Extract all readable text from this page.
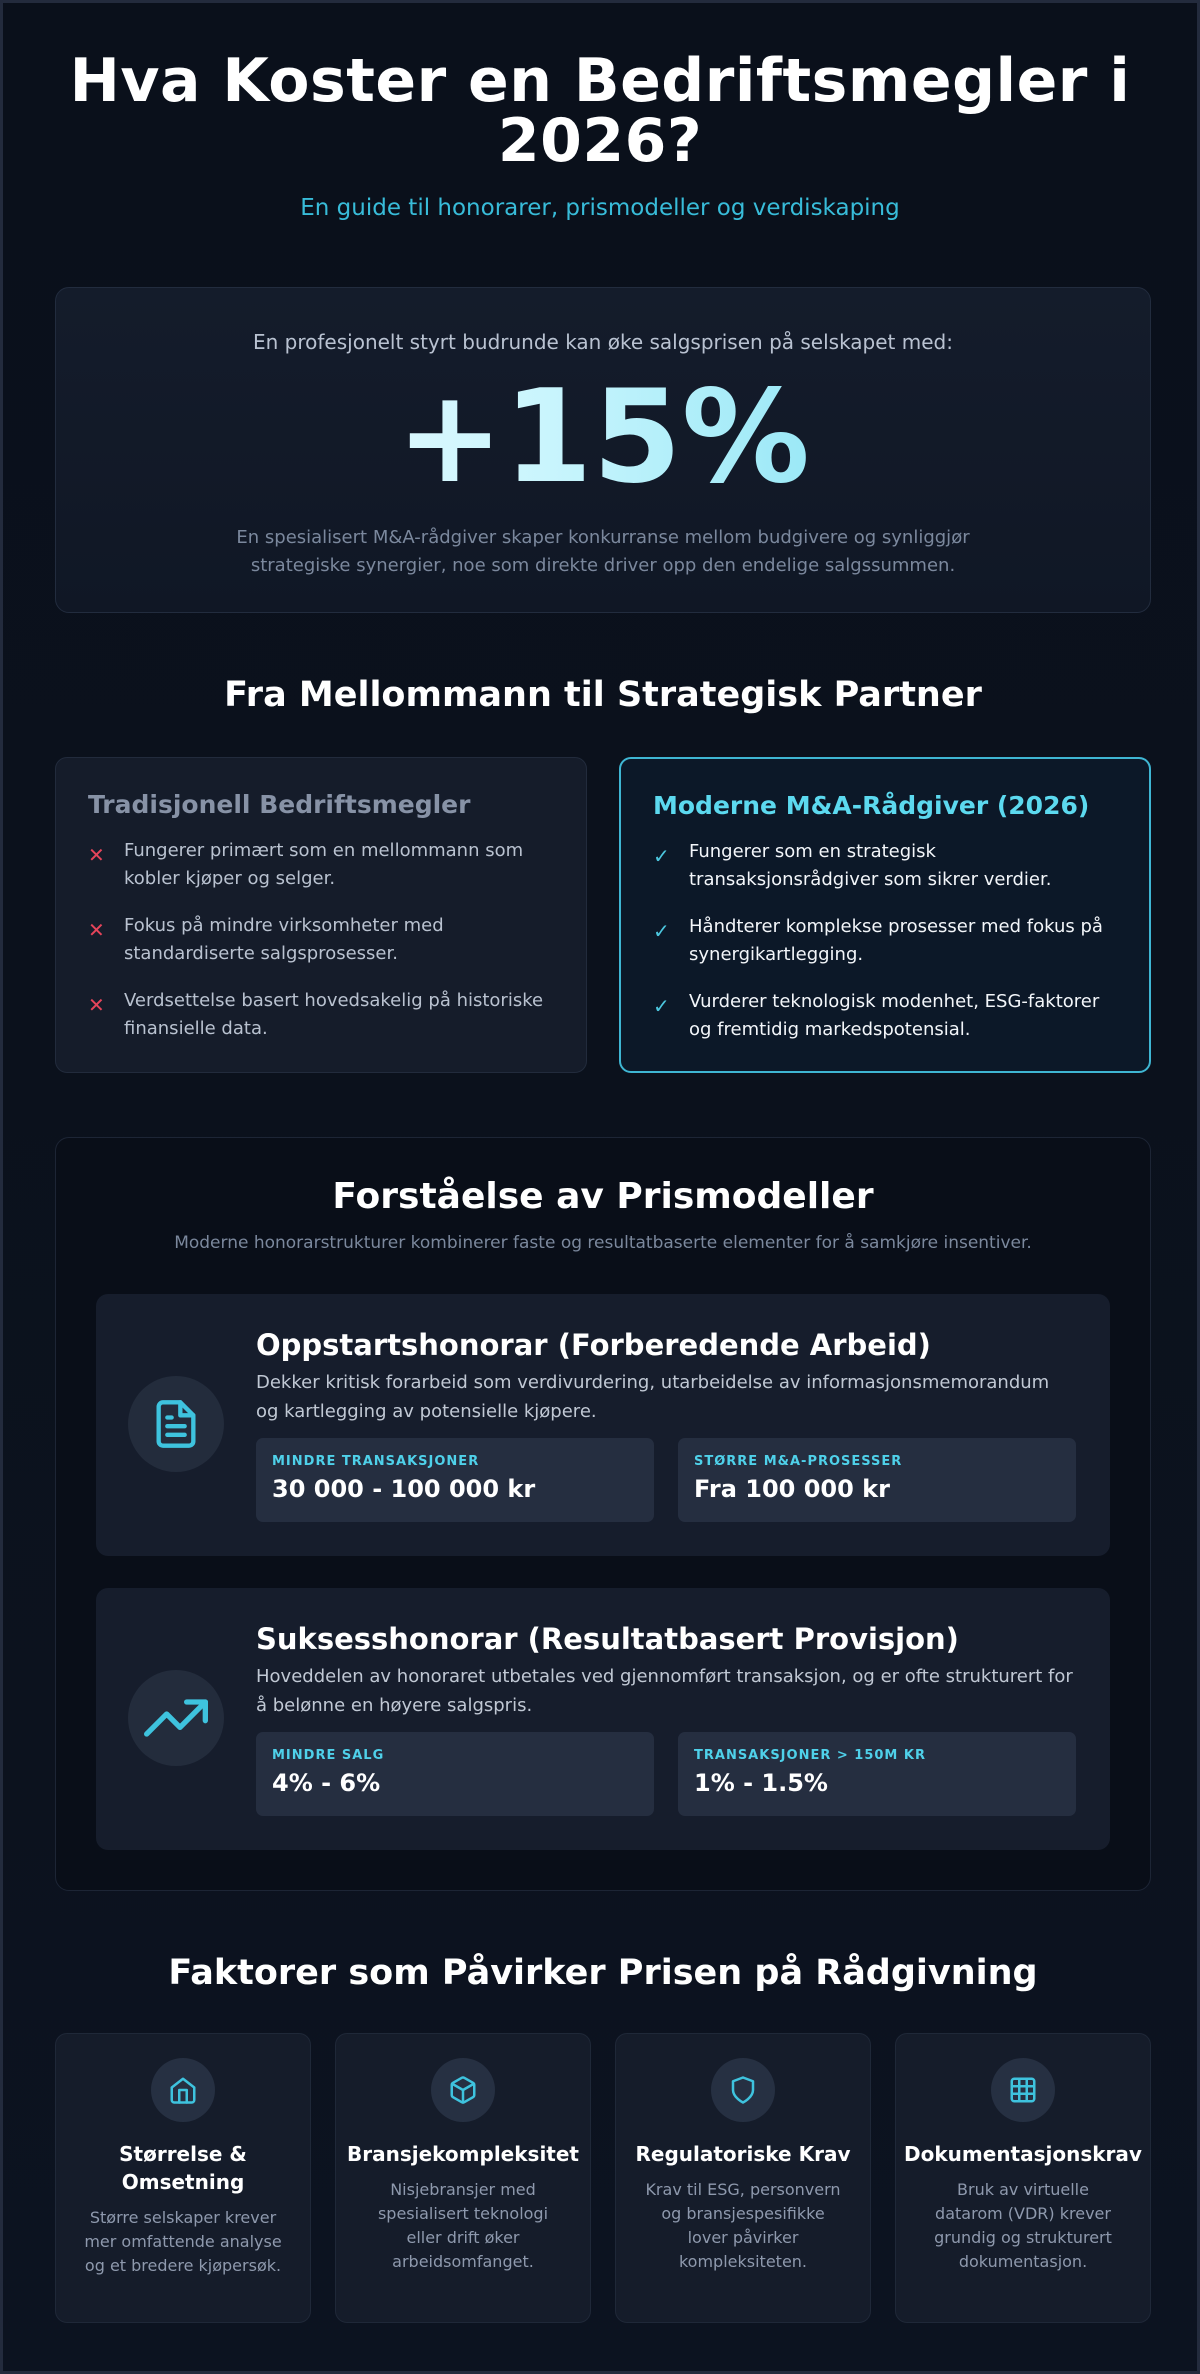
Hva Koster en Bedriftsmegler i 2026?
En guide til honorarer, prismodeller og verdiskaping
En profesjonelt styrt budrunde kan øke salgsprisen på selskapet med:
+15%
En spesialisert M&A-rådgiver skaper konkurranse mellom budgivere og synliggjør strategiske synergier, noe som direkte driver opp den endelige salgssummen.
Fra Mellommann til Strategisk Partner
Tradisjonell Bedriftsmegler
✕	Fungerer primært som en mellommann som kobler kjøper og selger.
✕	Fokus på mindre virksomheter med standardiserte salgsprosesser.
✕	Verdsettelse basert hovedsakelig på historiske finansielle data.
Moderne M&A-Rådgiver (2026)
✓	Fungerer som en strategisk transaksjonsrådgiver som sikrer verdier.
✓	Håndterer komplekse prosesser med fokus på synergikartlegging.
✓	Vurderer teknologisk modenhet, ESG-faktorer og fremtidig markedspotensial.
Forståelse av Prismodeller
Moderne honorarstrukturer kombinerer faste og resultatbaserte elementer for å samkjøre insentiver.
Oppstartshonorar (Forberedende Arbeid)
Dekker kritisk forarbeid som verdivurdering, utarbeidelse av informasjonsmemorandum og kartlegging av potensielle kjøpere.
MINDRE TRANSAKSJONER
30 000 - 100 000 kr
STØRRE M&A-PROSESSER
Fra 100 000 kr
Suksesshonorar (Resultatbasert Provisjon)
Hoveddelen av honoraret utbetales ved gjennomført transaksjon, og er ofte strukturert for å belønne en høyere salgspris.
MINDRE SALG
4% - 6%
TRANSAKSJONER > 150M KR
1% - 1.5%
Faktorer som Påvirker Prisen på Rådgivning
Størrelse & Omsetning

Større selskaper krever mer omfattende analyse og et bredere kjøpersøk.

Bransjekompleksitet

Nisjebransjer med spesialisert teknologi eller drift øker arbeidsomfanget.

Regulatoriske Krav

Krav til ESG, personvern og bransjespesifikke lover påvirker kompleksiteten.

Dokumentasjonskrav

Bruk av virtuelle datarom (VDR) krever grundig og strukturert dokumentasjon.
